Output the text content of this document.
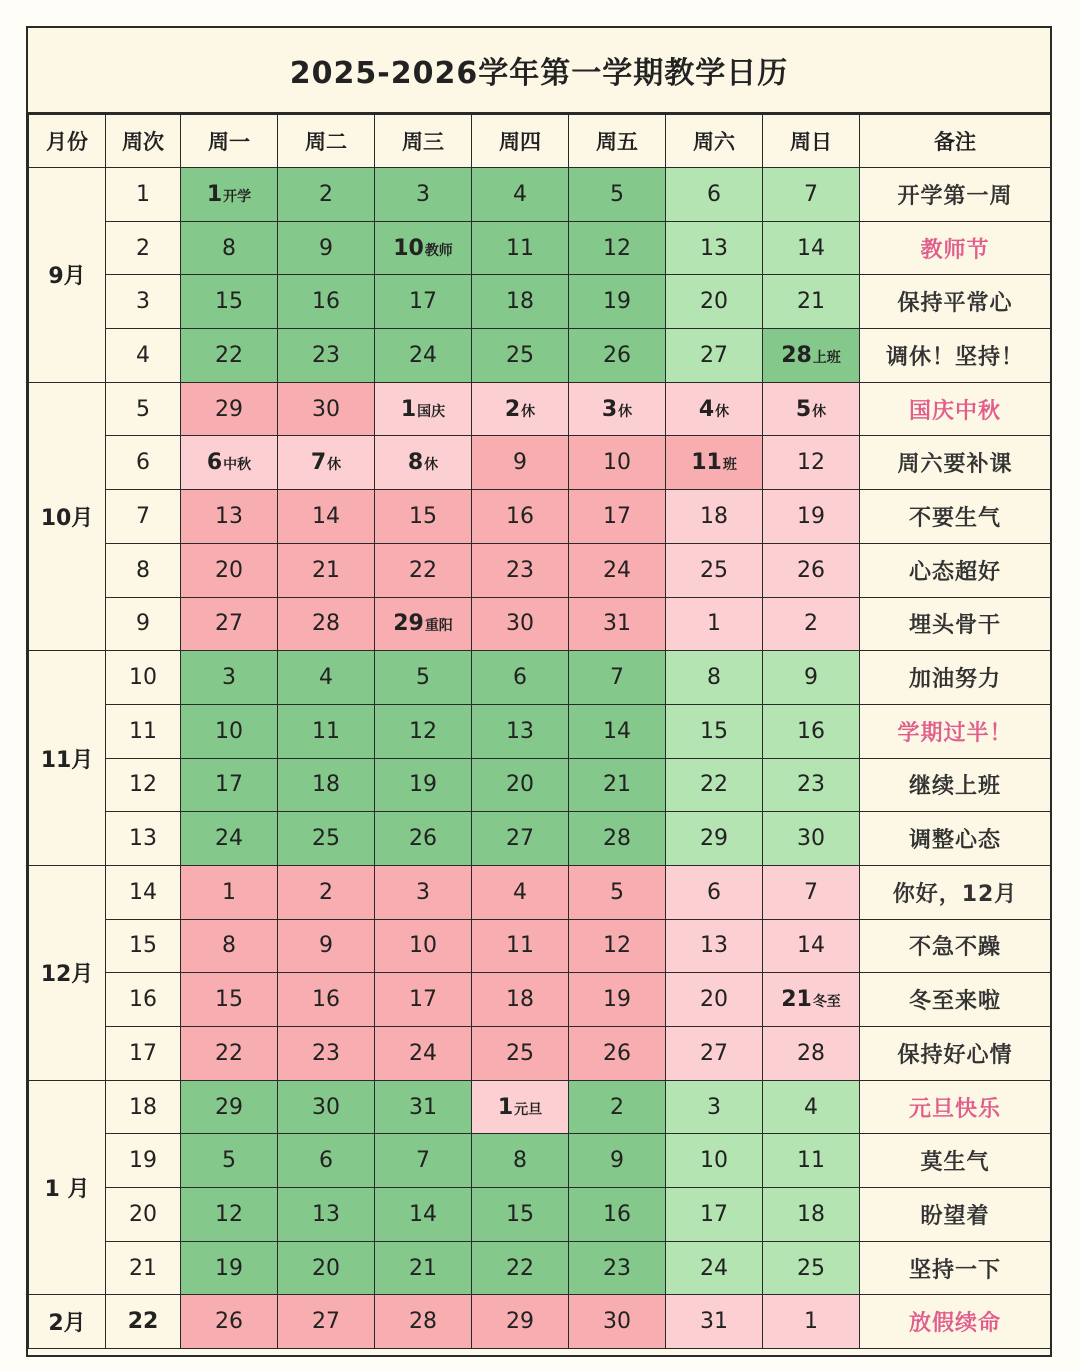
2025-2026学年第一学期教学日历
月份	周次	周一	周二	周三	周四	周五	周六	周日	备注
9月	1	1开学	2	3	4	5	6	7	开学第一周
	2	8	9	10教师	11	12	13	14	教师节
	3	15	16	17	18	19	20	21	保持平常心
	4	22	23	24	25	26	27	28上班	调休！坚持！
10月	5	29	30	1国庆	2休	3休	4休	5休	国庆中秋
	6	6中秋	7休	8休	9	10	11班	12	周六要补课
	7	13	14	15	16	17	18	19	不要生气
	8	20	21	22	23	24	25	26	心态超好
	9	27	28	29重阳	30	31	1	2	埋头骨干
11月	10	3	4	5	6	7	8	9	加油努力
	11	10	11	12	13	14	15	16	学期过半！
	12	17	18	19	20	21	22	23	继续上班
	13	24	25	26	27	28	29	30	调整心态
12月	14	1	2	3	4	5	6	7	你好，12月
	15	8	9	10	11	12	13	14	不急不躁
	16	15	16	17	18	19	20	21冬至	冬至来啦
	17	22	23	24	25	26	27	28	保持好心情
1 月	18	29	30	31	1元旦	2	3	4	元旦快乐
	19	5	6	7	8	9	10	11	莫生气
	20	12	13	14	15	16	17	18	盼望着
	21	19	20	21	22	23	24	25	坚持一下
2月	22	26	27	28	29	30	31	1	放假续命
